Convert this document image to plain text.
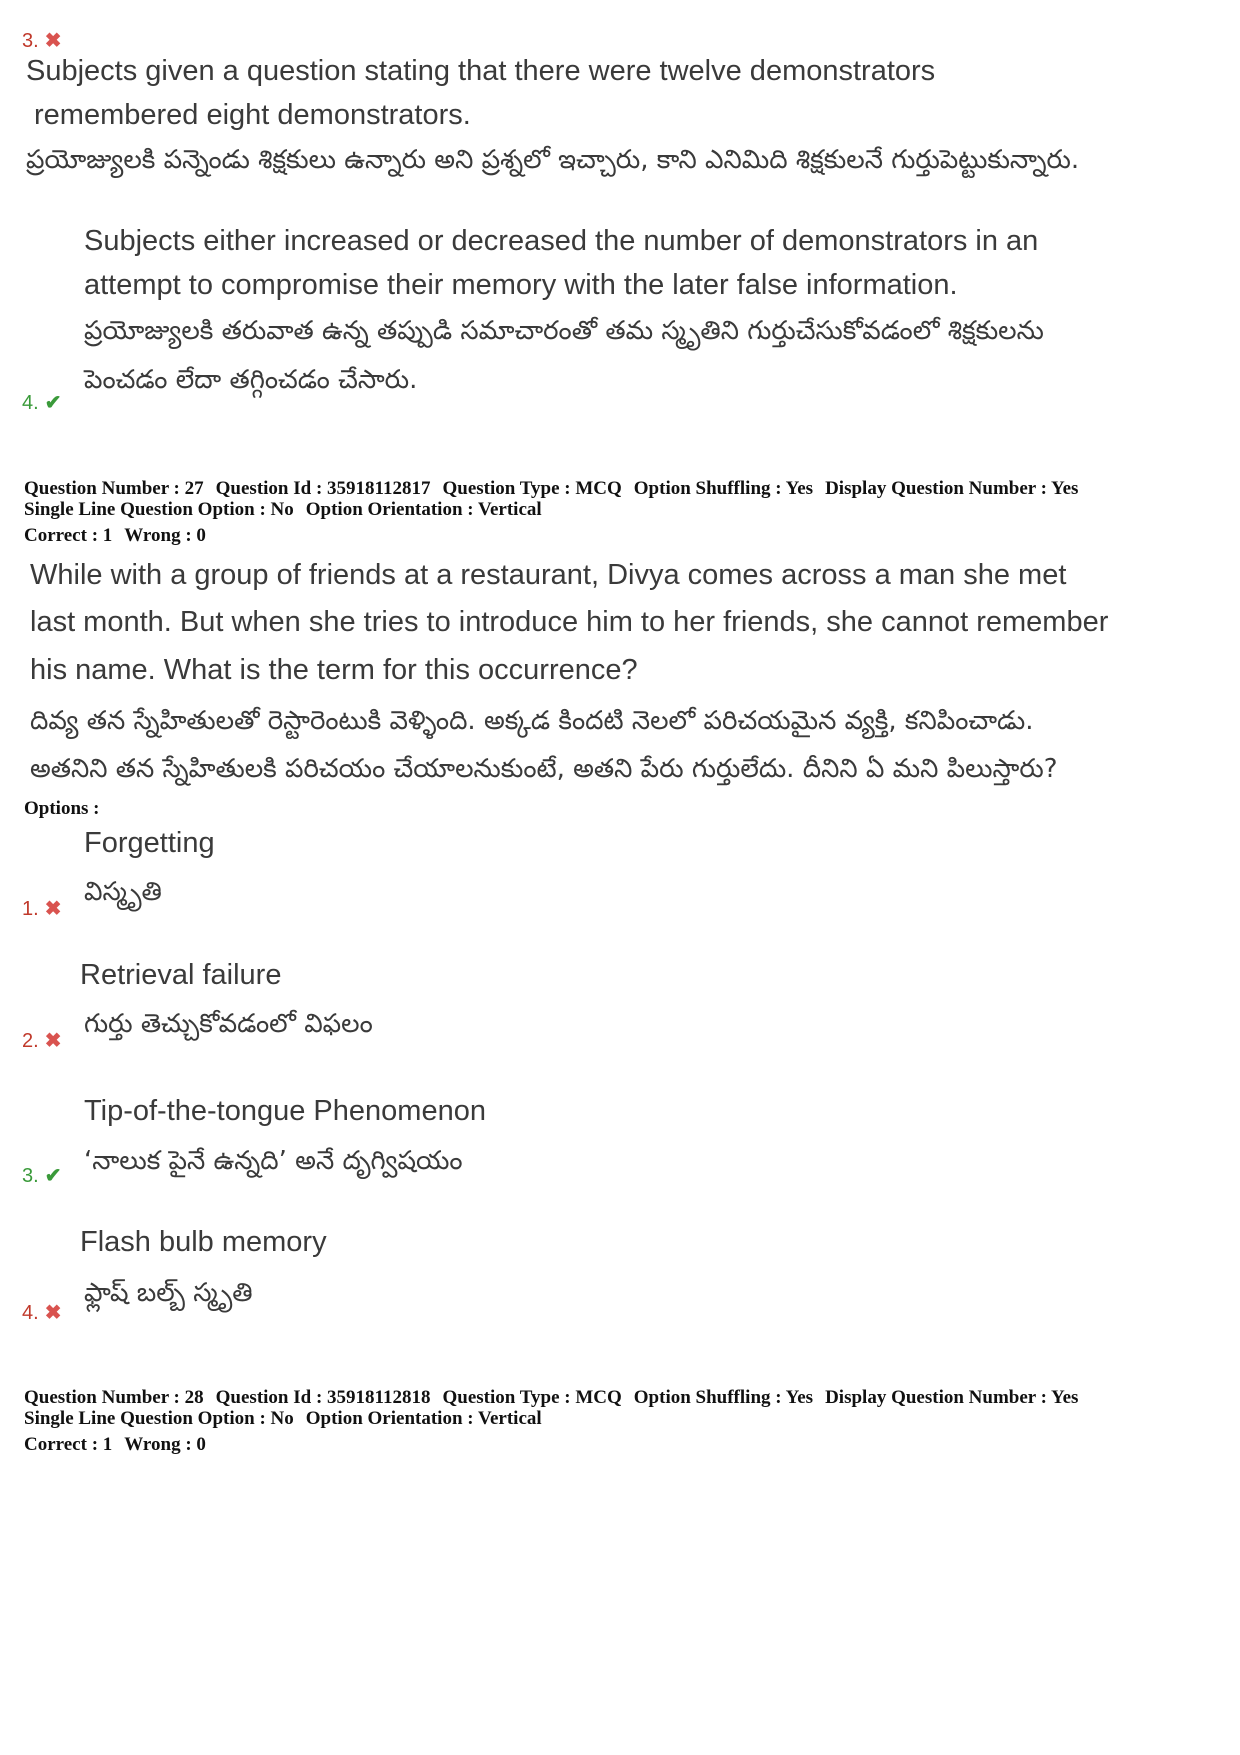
3. ✖
Subjects given a question stating that there were twelve demonstrators
remembered eight demonstrators.
ప్రయోజ్యులకి పన్నెండు శిక్షకులు ఉన్నారు అని ప్రశ్నలో ఇచ్చారు, కాని ఎనిమిది శిక్షకులనే గుర్తుపెట్టుకున్నారు.
Subjects either increased or decreased the number of demonstrators in an
attempt to compromise their memory with the later false information.
ప్రయోజ్యులకి తరువాత ఉన్న తప్పుడి సమాచారంతో తమ స్మృతిని గుర్తుచేసుకోవడంలో శిక్షకులను
పెంచడం లేదా తగ్గించడం చేసారు.
4. ✔
Question Number : 27 Question Id : 35918112817 Question Type : MCQ Option Shuffling : Yes Display Question Number : Yes
Single Line Question Option : No Option Orientation : Vertical
Correct : 1 Wrong : 0
While with a group of friends at a restaurant, Divya comes across a man she met
last month. But when she tries to introduce him to her friends, she cannot remember
his name. What is the term for this occurrence?
దివ్య తన స్నేహితులతో రెస్టారెంటుకి వెళ్ళింది. అక్కడ కిందటి నెలలో పరిచయమైన వ్యక్తి, కనిపించాడు.
అతనిని తన స్నేహితులకి పరిచయం చేయాలనుకుంటే, అతని పేరు గుర్తులేదు. దీనిని ఏ మని పిలుస్తారు?
Options :
Forgetting
విస్మృతి
1. ✖
Retrieval failure
గుర్తు తెచ్చుకోవడంలో విఫలం
2. ✖
Tip-of-the-tongue Phenomenon
‘నాలుక పైనే ఉన్నది’ అనే దృగ్విషయం
3. ✔
Flash bulb memory
ఫ్లాష్ బల్బ్ స్మృతి
4. ✖
Question Number : 28 Question Id : 35918112818 Question Type : MCQ Option Shuffling : Yes Display Question Number : Yes
Single Line Question Option : No Option Orientation : Vertical
Correct : 1 Wrong : 0
